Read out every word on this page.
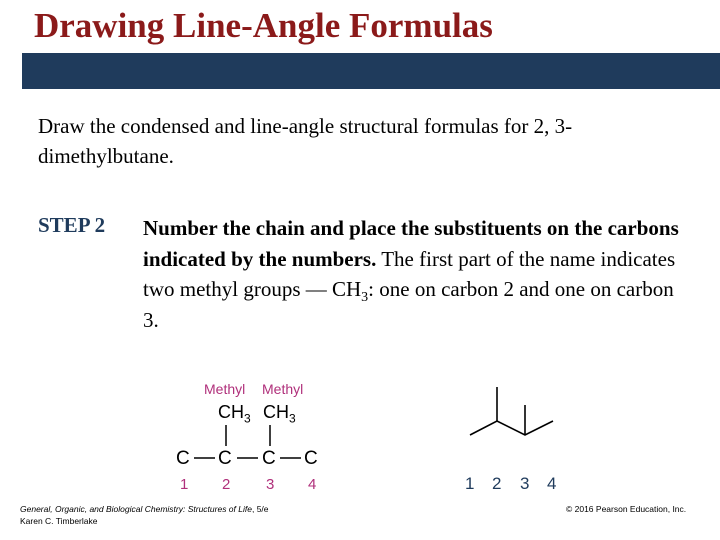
Drawing Line-Angle Formulas
Draw the condensed and line-angle structural formulas for 2, 3-dimethylbutane.
STEP 2 Number the chain and place the substituents on the carbons indicated by the numbers. The first part of the name indicates two methyl groups — $CH_3$: one on carbon 2 and one on carbon 3.
Methyl Methyl
$CH_3$ $CH_3$
C C C C
1 2 3 4	1 2 3 4
General, Organic, and Biological Chemistry: Structures of Life, 5/e
Karen C. Timberlake
© 2016 Pearson Education, Inc.
